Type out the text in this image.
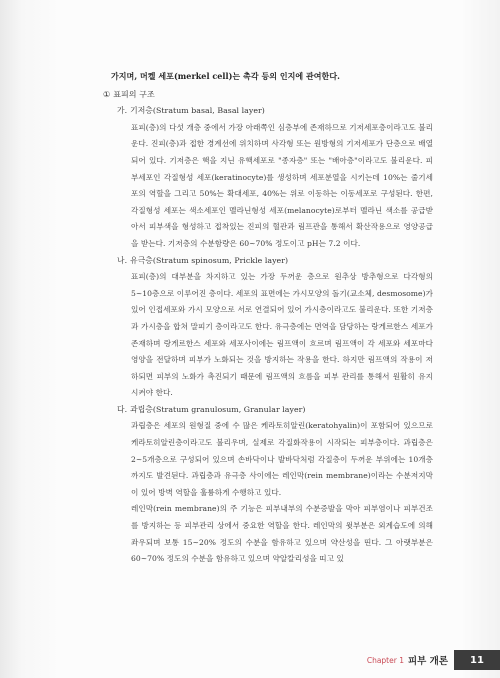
가지며, 머켈 세포(merkel cell)는 촉각 등의 인지에 관여한다.

① 표피의 구조

가. 기저층(Stratum basal, Basal layer)

표피(층)의 다섯 개층 중에서 가장 아래쪽인 심층부에 존재하므로 기저세포층이라고도 불리운다. 진피(층)과 접한 경계선에 위치하며 사각형 또는 원방형의 기저세포가 단층으로 배열되어 있다. 기저층은 핵을 지닌 유핵세포로 "종자층" 또는 "배아층"이라고도 불리운다. 피부세포인 각질형성 세포(keratinocyte)를 생성하며 세포분열을 시키는데 10%는 줄기세포의 역할을 그리고 50%는 확대세포, 40%는 위로 이동하는 이동세포로 구성된다. 한편, 각질형성 세포는 색소세포인 멜라닌형성 세포(melanocyte)로부터 멜라닌 색소를 공급받아서 피부색을 형성하고 접착있는 진피의 혈관과 림프관을 통해서 확산작용으로 영양공급을 받는다. 기저층의 수분함량은 60~70% 정도이고 pH는 7.2 이다.

나. 유극층(Stratum spinosum, Prickle layer)

표피(층)의 대부분을 차지하고 있는 가장 두꺼운 층으로 원추상 방추형으로 다각형의 5~10층으로 이루어진 층이다. 세포의 표면에는 가시모양의 돌기(교소체, desmosome)가 있어 인접세포와 가시 모양으로 서로 연결되어 있어 가시층이라고도 불리운다. 또한 기저층과 가시층을 합쳐 말피기 층이라고도 한다. 유극층에는 면역을 담당하는 랑게르한스 세포가 존재하며 랑게르한스 세포와 세포사이에는 림프액이 흐르며 림프액이 각 세포와 세포마다 영양을 전달하며 피부가 노화되는 것을 방지하는 작용을 한다. 하지만 림프액의 작용이 저하되면 피부의 노화가 촉진되기 때문에 림프액의 흐름을 피부 관리를 통해서 원활히 유지 시켜야 한다.

다. 과립층(Stratum granulosum, Granular layer)

과립층은 세포의 원형질 중에 수 많은 케라토히알린(keratohyalin)이 포함되어 있으므로 케라토히알린층이라고도 불리우며, 실제로 각질화작용이 시작되는 피부층이다. 과립층은 2~5개층으로 구성되어 있으며 손바닥이나 발바닥처럼 각질층이 두꺼운 부위에는 10개층까지도 발견된다. 과립층과 유극층 사이에는 레인막(rein membrane)이라는 수분저지막이 있어 방벽 역할을 훌륭하게 수행하고 있다.

레인막(rein membrane)의 주 기능은 피부내부의 수분증발을 막아 피부염이나 피부건조를 방지하는 등 피부관리 상에서 중요한 역할을 한다. 레인막의 윗부분은 외계습도에 의해 좌우되며 보통 15~20% 정도의 수분을 함유하고 있으며 약산성을 띤다. 그 아랫부분은 60~70% 정도의 수분을 함유하고 있으며 약알칼리성을 띠고 있

Chapter 1 피부 개론	11
